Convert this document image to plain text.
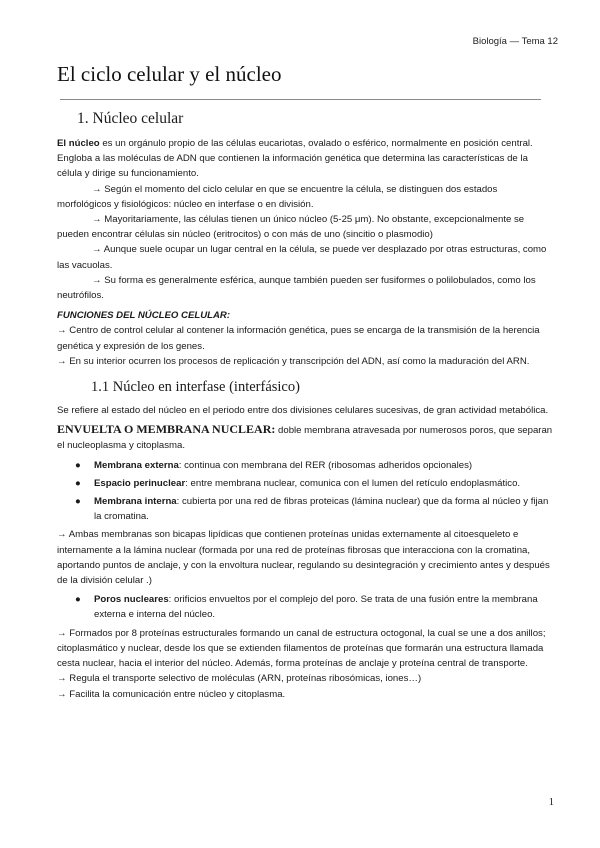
Biología — Tema 12
El ciclo celular y el núcleo
1. Núcleo celular

El núcleo es un orgánulo propio de las células eucariotas, ovalado o esférico, normalmente en posición central. Engloba a las moléculas de ADN que contienen la información genética que determina las características de la célula y dirige su funcionamiento.

→ Según el momento del ciclo celular en que se encuentre la célula, se distinguen dos estados morfológicos y fisiológicos: núcleo en interfase o en división.

→ Mayoritariamente, las células tienen un único núcleo (5-25 μm). No obstante, excepcionalmente se pueden encontrar células sin núcleo (eritrocitos) o con más de uno (sincitio o plasmodio)

→ Aunque suele ocupar un lugar central en la célula, se puede ver desplazado por otras estructuras, como las vacuolas.

→ Su forma es generalmente esférica, aunque también pueden ser fusiformes o polilobulados, como los neutrófilos.

FUNCIONES DEL NÚCLEO CELULAR:

→ Centro de control celular al contener la información genética, pues se encarga de la transmisión de la herencia genética y expresión de los genes.

→ En su interior ocurren los procesos de replicación y transcripción del ADN, así como la maduración del ARN.

1.1 Núcleo en interfase (interfásico)

Se refiere al estado del núcleo en el periodo entre dos divisiones celulares sucesivas, de gran actividad metabólica.

ENVUELTA O MEMBRANA NUCLEAR: doble membrana atravesada por numerosos poros, que separan el nucleoplasma y citoplasma.

● Membrana externa: continua con membrana del RER (ribosomas adheridos opcionales)
● Espacio perinuclear: entre membrana nuclear, comunica con el lumen del retículo endoplasmático.
● Membrana interna: cubierta por una red de fibras proteicas (lámina nuclear) que da forma al núcleo y fijan la cromatina.

→ Ambas membranas son bicapas lipídicas que contienen proteínas unidas externamente al citoesqueleto e internamente a la lámina nuclear (formada por una red de proteínas fibrosas que interacciona con la cromatina, aportando puntos de anclaje, y con la envoltura nuclear, regulando su desintegración y crecimiento antes y después de la división celular .)

● Poros nucleares: orificios envueltos por el complejo del poro. Se trata de una fusión entre la membrana externa e interna del núcleo.

→ Formados por 8 proteínas estructurales formando un canal de estructura octogonal, la cual se une a dos anillos; citoplasmático y nuclear, desde los que se extienden filamentos de proteínas que formarán una estructura llamada cesta nuclear, hacia el interior del núcleo. Además, forma proteínas de anclaje y proteína central de transporte.

→ Regula el transporte selectivo de moléculas (ARN, proteínas ribosómicas, iones…)

→ Facilita la comunicación entre núcleo y citoplasma.

1
